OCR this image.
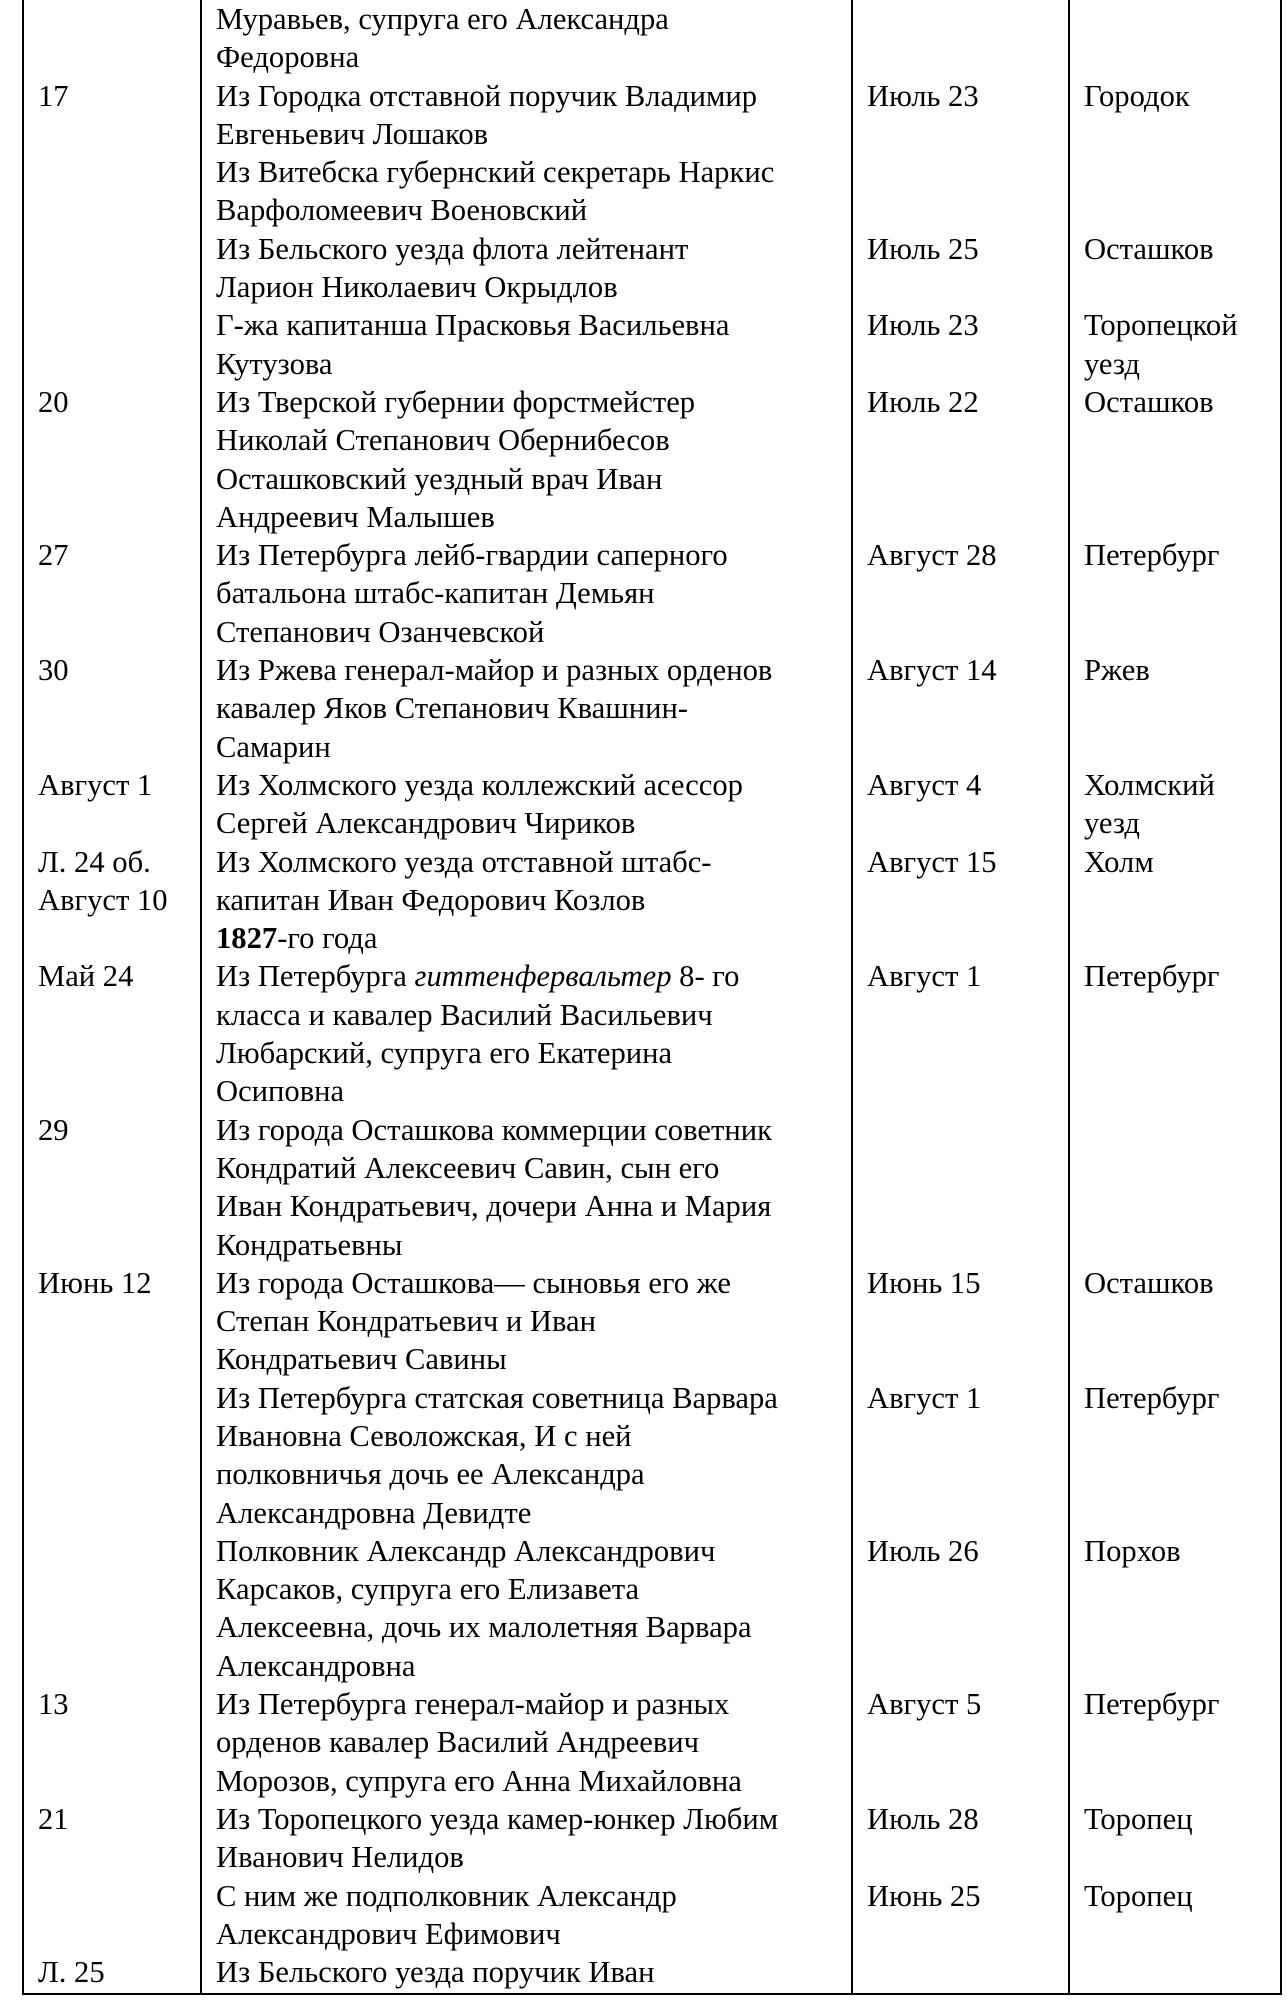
	Муравьев, супруга его Александра
Федоровна		

17	Из Городка отставной поручик Владимир
Евгеньевич Лошаков	Июль 23	Городок

	Из Витебска губернский секретарь Наркис
Варфоломеевич Военовский		

	Из Бельского уезда флота лейтенант
Ларион Николаевич Окрыдлов	Июль 25	Осташков

	Г-жа капитанша Прасковья Васильевна
Кутузова	Июль 23	Торопецкой
уезд

20	Из Тверской губернии форстмейстер
Николай Степанович Обернибесов
Осташковский уездный врач Иван
Андреевич Малышев	Июль 22	Осташков

27	Из Петербурга лейб-гвардии саперного
батальона штабс-капитан Демьян
Степанович Озанчевской	Август 28	Петербург

30	Из Ржева генерал-майор и разных орденов
кавалер Яков Степанович Квашнин-
Самарин	Август 14	Ржев

Август 1	Из Холмского уезда коллежский асессор
Сергей Александрович Чириков	Август 4	Холмский
уезд

Л. 24 об.
Август 10	Из Холмского уезда отставной штабс-
капитан Иван Федорович Козлов	Август 15	Холм

	1827-го года		

Май 24	Из Петербурга гиттенфервальтер 8- го
класса и кавалер Василий Васильевич
Любарский, супруга его Екатерина
Осиповна	Август 1	Петербург

29	Из города Осташкова коммерции советник
Кондратий Алексеевич Савин, сын его
Иван Кондратьевич, дочери Анна и Мария
Кондратьевны		

Июнь 12	Из города Осташкова— сыновья его же
Степан Кондратьевич и Иван
Кондратьевич Савины	Июнь 15	Осташков

	Из Петербурга статская советница Варвара
Ивановна Севоложская, И с ней
полковничья дочь ее Александра
Александровна Девидте	Август 1	Петербург

	Полковник Александр Александрович
Карсаков, супруга его Елизавета
Алексеевна, дочь их малолетняя Варвара
Александровна	Июль 26	Порхов

13	Из Петербурга генерал-майор и разных
орденов кавалер Василий Андреевич
Морозов, супруга его Анна Михайловна	Август 5	Петербург

21	Из Торопецкого уезда камер-юнкер Любим
Иванович Нелидов	Июль 28	Торопец

	С ним же подполковник Александр
Александрович Ефимович	Июнь 25	Торопец

Л. 25	Из Бельского уезда поручик Иван		
